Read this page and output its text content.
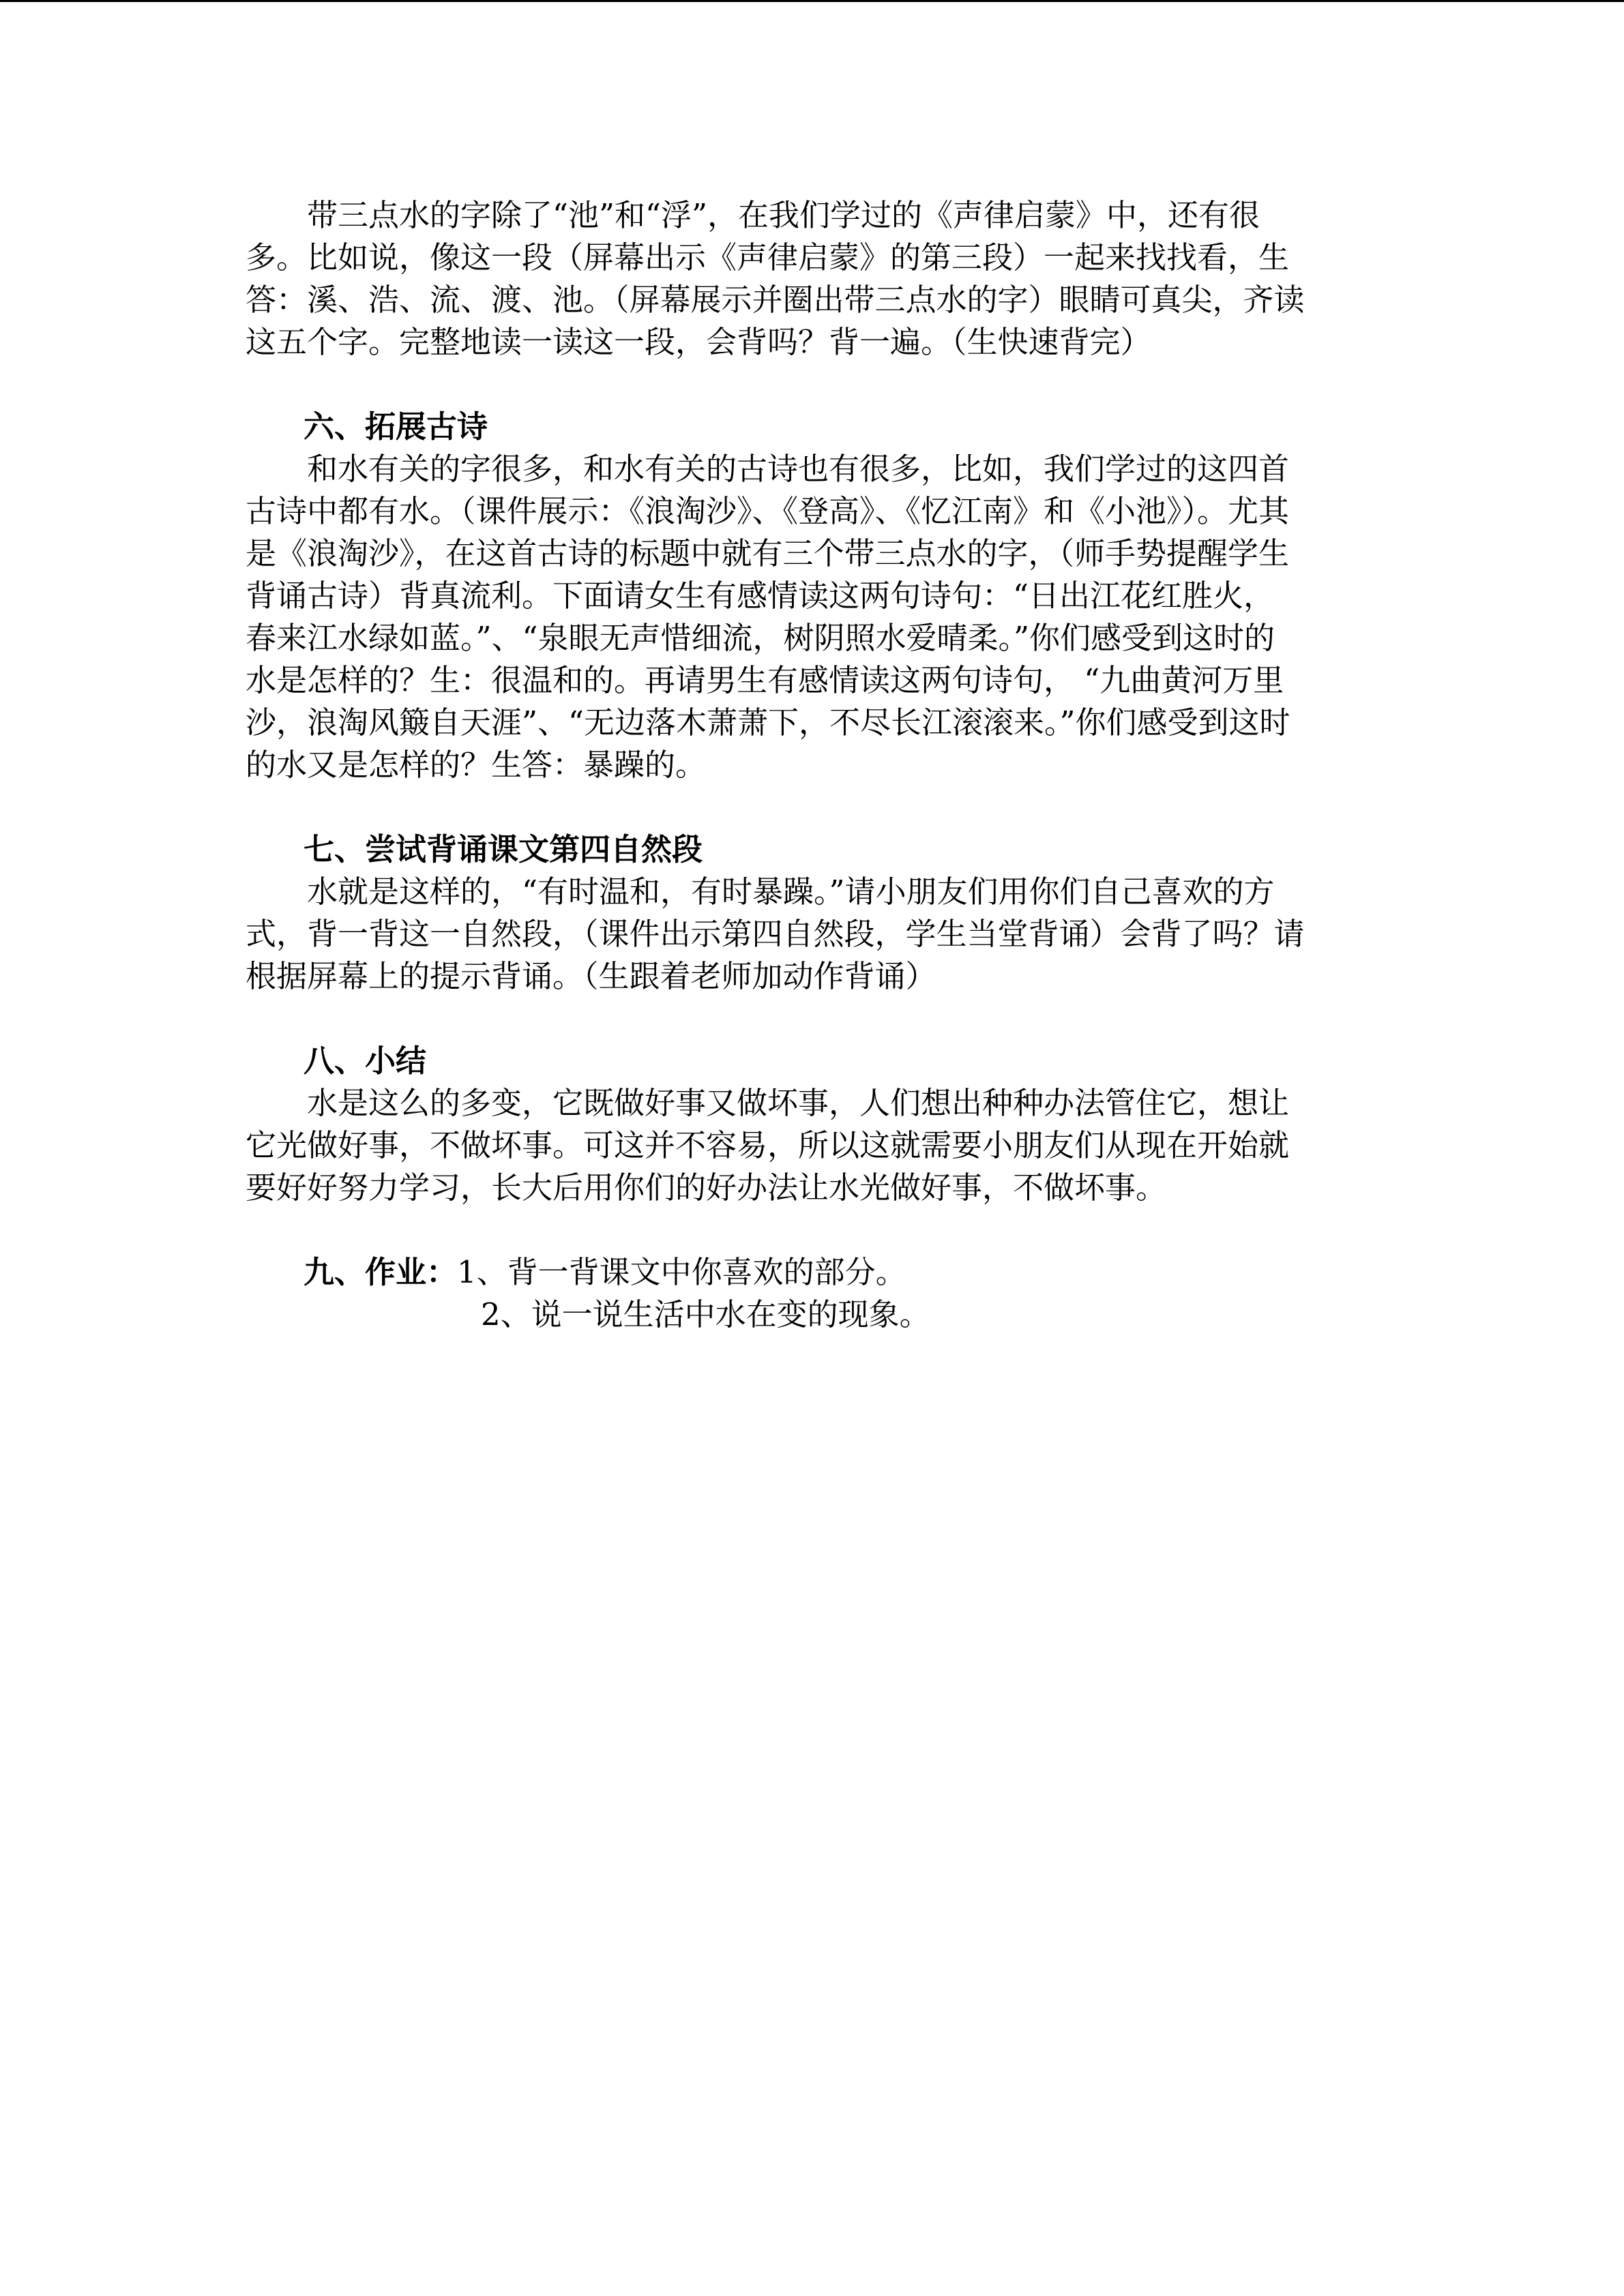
带三点水的字除了“池”和“浮”，在我们学过的《声律启蒙》中，还有很
多。比如说，像这一段（屏幕出示《声律启蒙》的第三段）一起来找找看，生
答：溪、浩、流、渡、池。（屏幕展示并圈出带三点水的字）眼睛可真尖，齐读
这五个字。完整地读一读这一段，会背吗？背一遍。（生快速背完）
六、拓展古诗
和水有关的字很多，和水有关的古诗也有很多，比如，我们学过的这四首
古诗中都有水。（课件展示：《浪淘沙》、《登高》、《忆江南》和《小池》）。尤其
是《浪淘沙》，在这首古诗的标题中就有三个带三点水的字，（师手势提醒学生
背诵古诗）背真流利。下面请女生有感情读这两句诗句：“日出江花红胜火，
春来江水绿如蓝。”、“泉眼无声惜细流，树阴照水爱晴柔。”你们感受到这时的
水是怎样的？生：很温和的。再请男生有感情读这两句诗句， “九曲黄河万里
沙，浪淘风簸自天涯”、“无边落木萧萧下，不尽长江滚滚来。”你们感受到这时
的水又是怎样的？生答：暴躁的。
七、尝试背诵课文第四自然段
水就是这样的，“有时温和，有时暴躁。”请小朋友们用你们自己喜欢的方
式，背一背这一自然段，（课件出示第四自然段，学生当堂背诵）会背了吗？请
根据屏幕上的提示背诵。（生跟着老师加动作背诵）
八、小结
水是这么的多变，它既做好事又做坏事，人们想出种种办法管住它，想让
它光做好事，不做坏事。可这并不容易，所以这就需要小朋友们从现在开始就
要好好努力学习，长大后用你们的好办法让水光做好事，不做坏事。
九、作业：1、背一背课文中你喜欢的部分。
2、说一说生活中水在变的现象。
